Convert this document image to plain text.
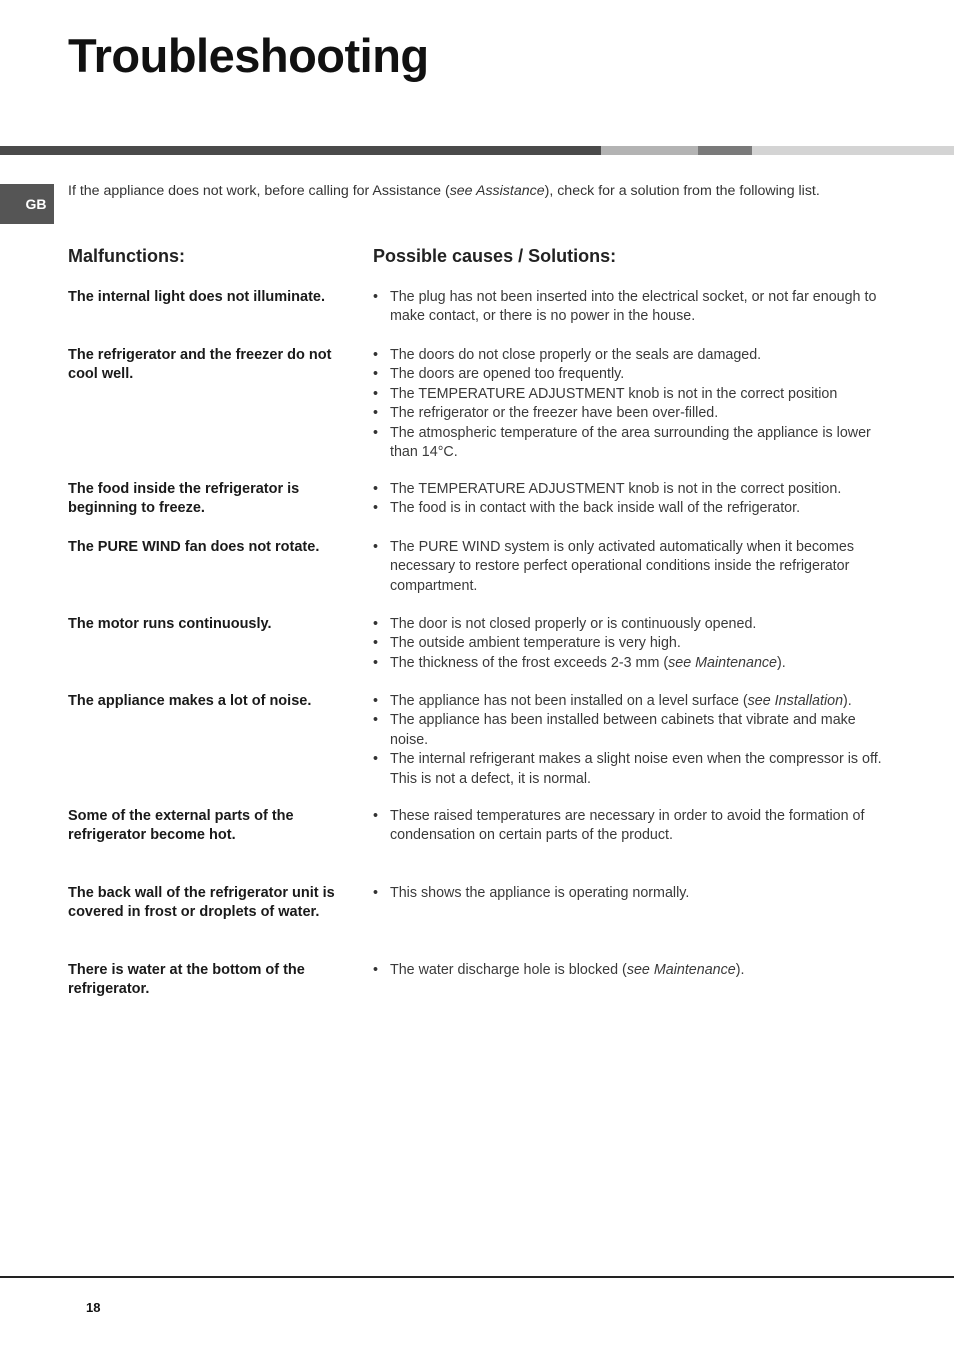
Troubleshooting
GB
If the appliance does not work, before calling for Assistance (see Assistance), check for a solution from the following list.
Malfunctions:	Possible causes / Solutions:
The internal light does not illuminate.	• The plug has not been inserted into the electrical socket, or not far enough to make contact, or there is no power in the house.
The refrigerator and the freezer do not cool well.
• The doors do not close properly or the seals are damaged.
• The doors are opened too frequently.
• The TEMPERATURE ADJUSTMENT knob is not in the correct position
• The refrigerator or the freezer have been over-filled.
• The atmospheric temperature of the area surrounding the appliance is lower than 14°C.
The food inside the refrigerator is beginning to freeze.
• The TEMPERATURE ADJUSTMENT knob is not in the correct position.
• The food is in contact with the back inside wall of the refrigerator.
The PURE WIND fan does not rotate.	• The PURE WIND system is only activated automatically when it becomes necessary to restore perfect operational conditions inside the refrigerator compartment.
The motor runs continuously.	• The door is not closed properly or is continuously opened.
• The outside ambient temperature is very high.
• The thickness of the frost exceeds 2-3 mm (see Maintenance).
The appliance makes a lot of noise.	• The appliance has not been installed on a level surface (see Installation).
• The appliance has been installed between cabinets that vibrate and make noise.
• The internal refrigerant makes a slight noise even when the compressor is off. This is not a defect, it is normal.
Some of the external parts of the refrigerator become hot.
• These raised temperatures are necessary in order to avoid the formation of condensation on certain parts of the product.
The back wall of the refrigerator unit is covered in frost or droplets of water.
• This shows the appliance is operating normally.
There is water at the bottom of the refrigerator.
• The water discharge hole is blocked (see Maintenance).
18
